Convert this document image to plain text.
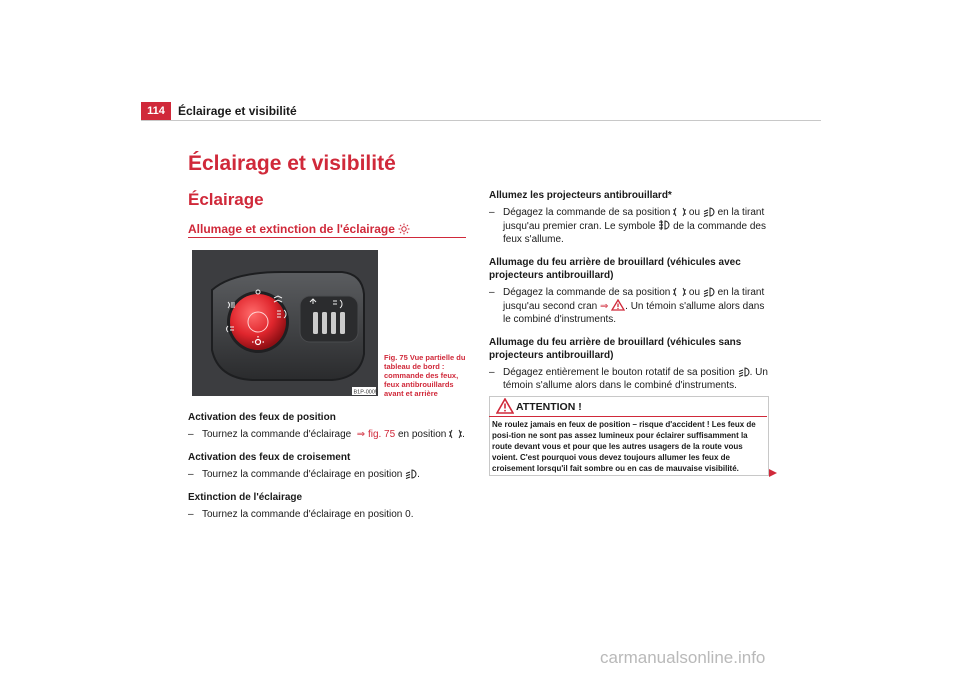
114	Éclairage et visibilité
Éclairage et visibilité
Éclairage
Allumage et extinction de l'éclairage
B1P-0005
Fig. 75 Vue partielle du tableau de bord : commande des feux, feux antibrouillards avant et arrière
Activation des feux de position
– Tournez la commande d'éclairage ⇒ fig. 75 en position .
Activation des feux de croisement
– Tournez la commande d'éclairage en position .
Extinction de l'éclairage
– Tournez la commande d'éclairage en position 0.
Allumez les projecteurs antibrouillard*
– Dégagez la commande de sa position ou en la tirant jusqu'au premier cran. Le symbole de la commande des feux s'allume.
Allumage du feu arrière de brouillard (véhicules avec projecteurs antibrouillard)
– Dégagez la commande de sa position ou en la tirant jusqu'au second cran ⇒ . Un témoin s'allume alors dans le combiné d'instruments.
Allumage du feu arrière de brouillard (véhicules sans projecteurs antibrouillard)
– Dégagez entièrement le bouton rotatif de sa position . Un témoin s'allume alors dans le combiné d'instruments.
ATTENTION !
Ne roulez jamais en feux de position – risque d'accident ! Les feux de posi-tion ne sont pas assez lumineux pour éclairer suffisamment la route devant vous et pour que les autres usagers de la route vous voient. C'est pourquoi vous devez toujours allumer les feux de croisement lorsqu'il fait sombre ou en cas de mauvaise visibilité.
carmanualsonline.info
